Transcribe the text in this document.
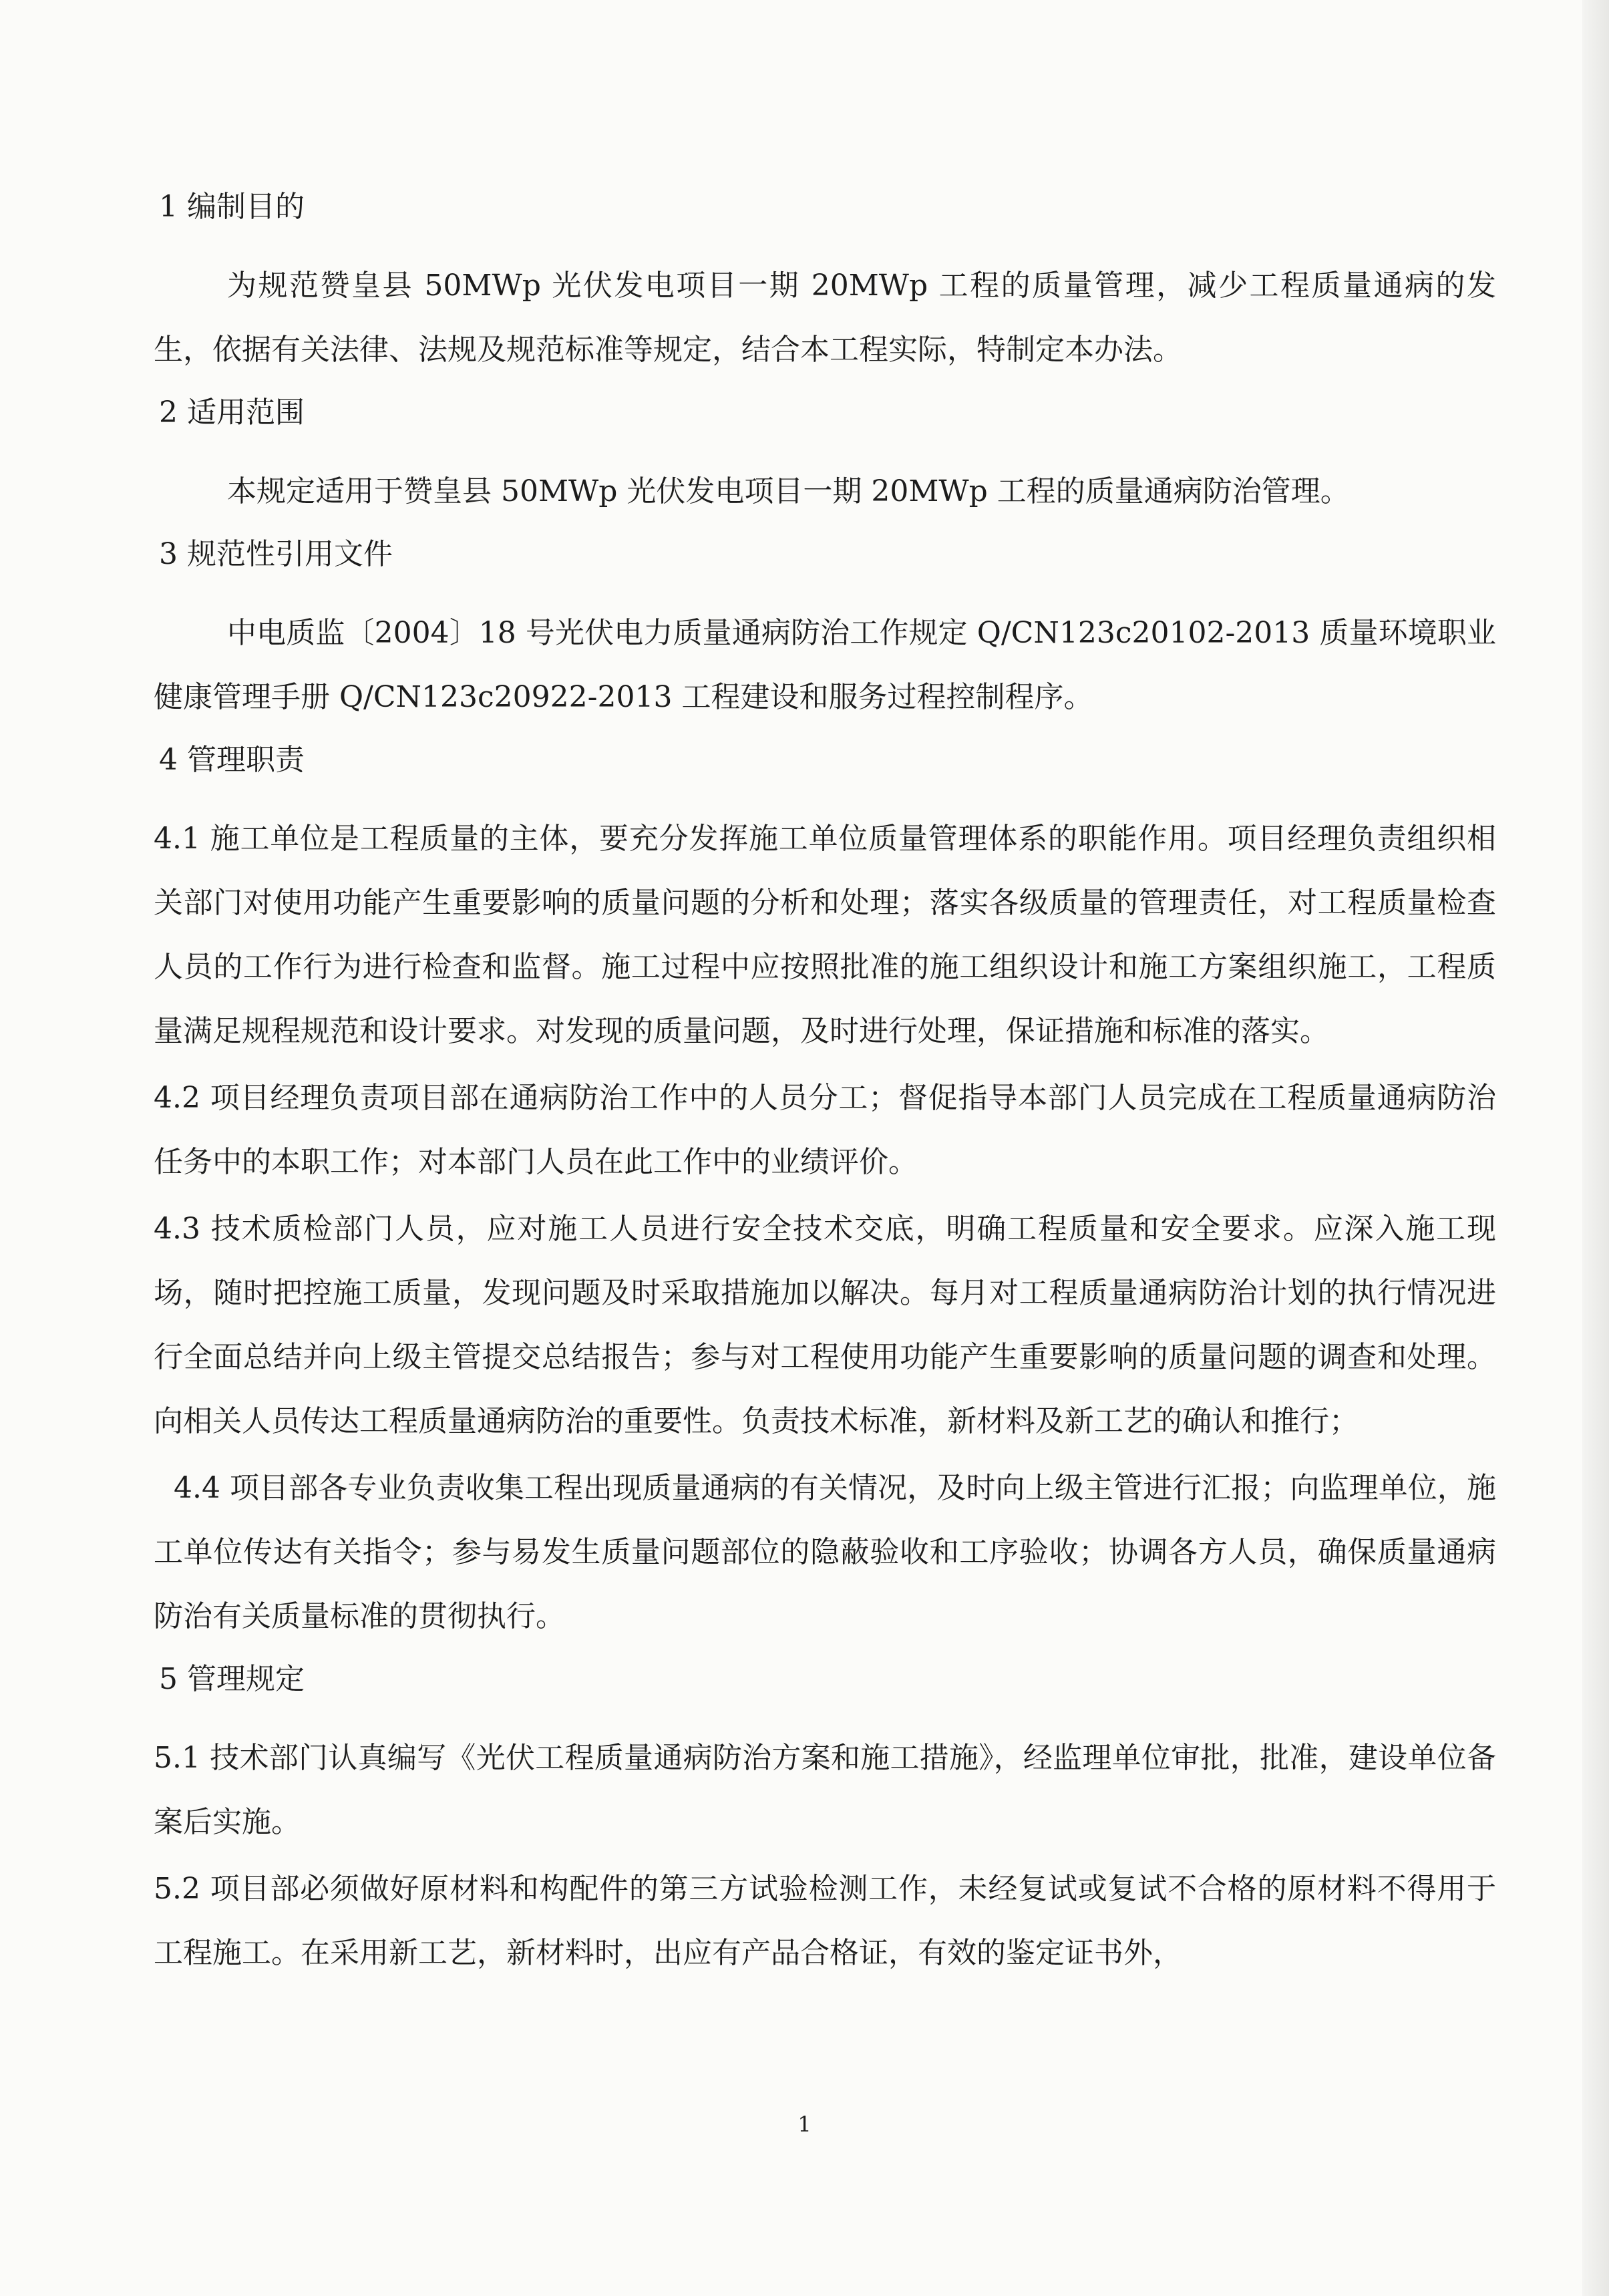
1 编制目的

为规范赞皇县 50MWp 光伏发电项目一期 20MWp 工程的质量管理，减少工程质量通病的发生，依据有关法律、法规及规范标准等规定，结合本工程实际，特制定本办法。

2 适用范围

本规定适用于赞皇县 50MWp 光伏发电项目一期 20MWp 工程的质量通病防治管理。

3 规范性引用文件

中电质监〔2004〕18 号光伏电力质量通病防治工作规定 Q/CN123c20102-2013 质量环境职业健康管理手册 Q/CN123c20922-2013 工程建设和服务过程控制程序。

4 管理职责

4.1 施工单位是工程质量的主体，要充分发挥施工单位质量管理体系的职能作用。项目经理负责组织相关部门对使用功能产生重要影响的质量问题的分析和处理；落实各级质量的管理责任，对工程质量检查人员的工作行为进行检查和监督。施工过程中应按照批准的施工组织设计和施工方案组织施工，工程质量满足规程规范和设计要求。对发现的质量问题，及时进行处理，保证措施和标准的落实。

4.2 项目经理负责项目部在通病防治工作中的人员分工；督促指导本部门人员完成在工程质量通病防治任务中的本职工作；对本部门人员在此工作中的业绩评价。

4.3 技术质检部门人员，应对施工人员进行安全技术交底，明确工程质量和安全要求。应深入施工现场，随时把控施工质量，发现问题及时采取措施加以解决。每月对工程质量通病防治计划的执行情况进行全面总结并向上级主管提交总结报告；参与对工程使用功能产生重要影响的质量问题的调查和处理。向相关人员传达工程质量通病防治的重要性。负责技术标准，新材料及新工艺的确认和推行；

4.4 项目部各专业负责收集工程出现质量通病的有关情况，及时向上级主管进行汇报；向监理单位，施工单位传达有关指令；参与易发生质量问题部位的隐蔽验收和工序验收；协调各方人员，确保质量通病防治有关质量标准的贯彻执行。

5 管理规定

5.1 技术部门认真编写《光伏工程质量通病防治方案和施工措施》，经监理单位审批，批准，建设单位备案后实施。

5.2 项目部必须做好原材料和构配件的第三方试验检测工作，未经复试或复试不合格的原材料不得用于工程施工。在采用新工艺，新材料时，出应有产品合格证，有效的鉴定证书外，

1
